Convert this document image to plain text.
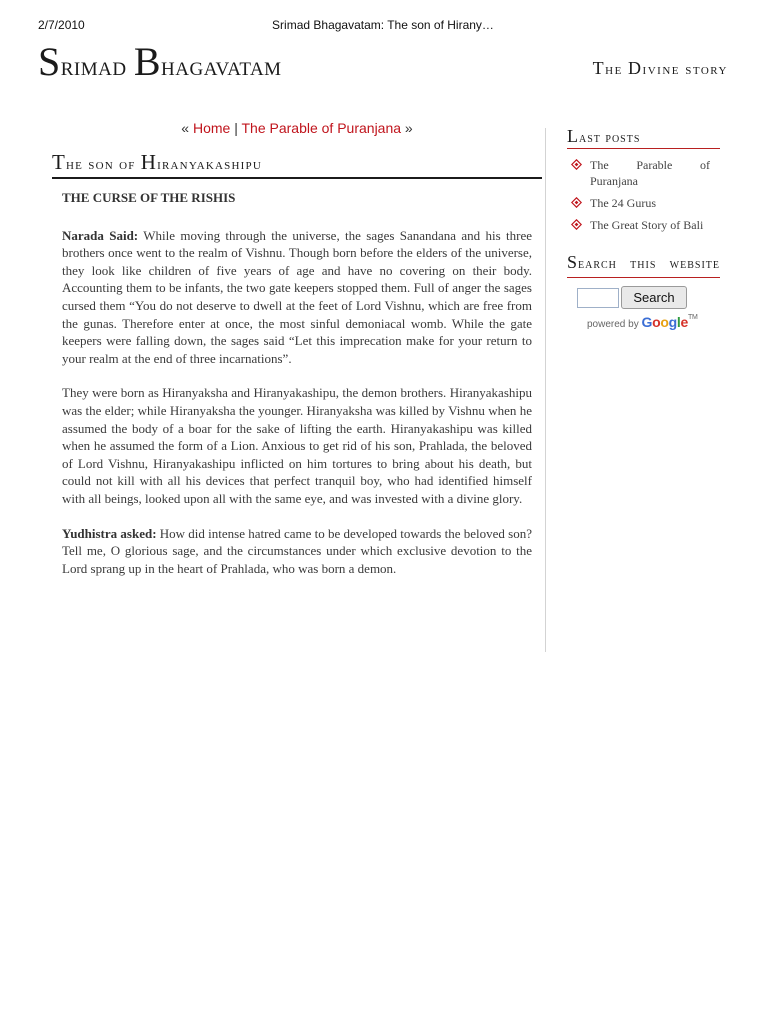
2/7/2010	Srimad Bhagavatam: The son of Hirany…
Srimad Bhagavatam	The Divine story
« Home | The Parable of Puranjana »
The son of Hiranyakashipu
THE CURSE OF THE RISHIS

Narada Said: While moving through the universe, the sages Sanandana and his three brothers once went to the realm of Vishnu. Though born before the elders of the universe, they look like children of five years of age and have no covering on their body. Accounting them to be infants, the two gate keepers stopped them. Full of anger the sages cursed them “You do not deserve to dwell at the feet of Lord Vishnu, which are free from the gunas. Therefore enter at once, the most sinful demoniacal womb. While the gate keepers were falling down, the sages said “Let this imprecation make for your return to your realm at the end of three incarnations”.

They were born as Hiranyaksha and Hiranyakashipu, the demon brothers. Hiranyakashipu was the elder; while Hiranyaksha the younger. Hiranyaksha was killed by Vishnu when he assumed the body of a boar for the sake of lifting the earth. Hiranyakashipu was killed when he assumed the form of a Lion. Anxious to get rid of his son, Prahlada, the beloved of Lord Vishnu, Hiranyakashipu inflicted on him tortures to bring about his death, but could not kill with all his devices that perfect tranquil boy, who had identified himself with all beings, looked upon all with the same eye, and was invested with a divine glory.

Yudhistra asked: How did intense hatred came to be developed towards the beloved son? Tell me, O glorious sage, and the circumstances under which exclusive devotion to the Lord sprang up in the heart of Prahlada, who was born a demon.

Last posts
The Parable of Puranjana
The 24 Gurus
The Great Story of Bali
Search this website
Search
powered by Google™
